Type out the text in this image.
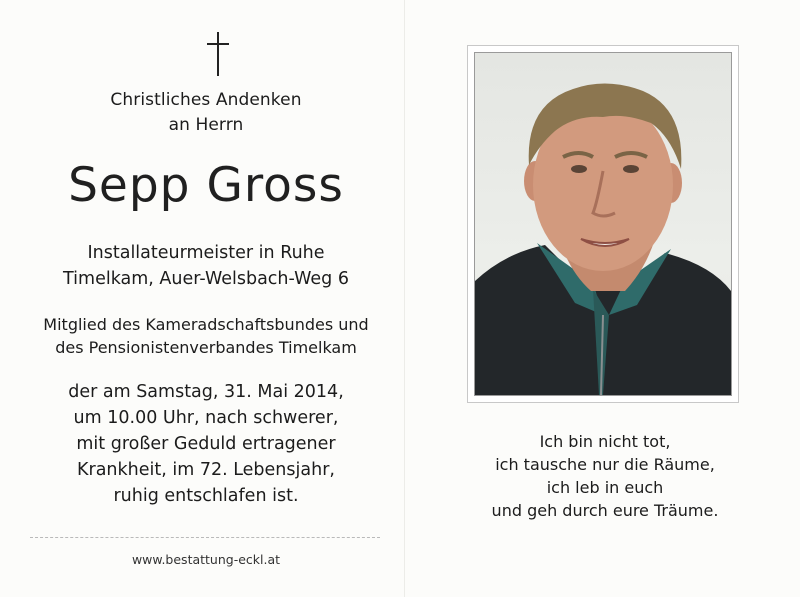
Christliches Andenken
an Herrn
Sepp Gross
Installateurmeister in Ruhe
Timelkam, Auer-Welsbach-Weg 6
Mitglied des Kameradschaftsbundes und
des Pensionistenverbandes Timelkam
der am Samstag, 31. Mai 2014,
um 10.00 Uhr, nach schwerer,
mit großer Geduld ertragener
Krankheit, im 72. Lebensjahr,
ruhig entschlafen ist.
www.bestattung-eckl.at
Ich bin nicht tot,
ich tausche nur die Räume,
ich leb in euch
und geh durch eure Träume.
